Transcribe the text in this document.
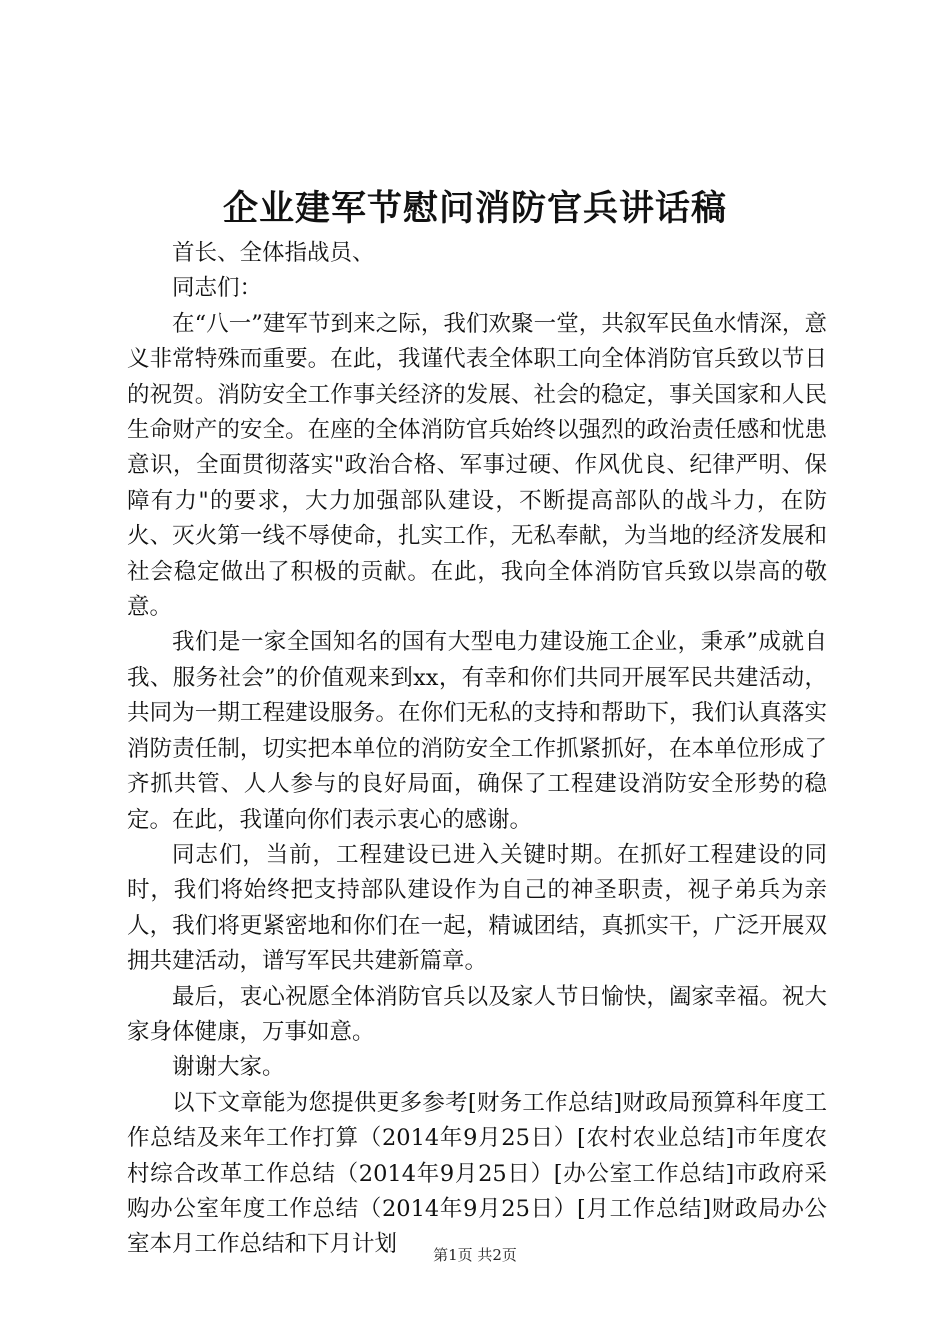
企业建军节慰问消防官兵讲话稿

首长、全体指战员、

同志们：

在“八一”建军节到来之际，我们欢聚一堂，共叙军民鱼水情深，意义非常特殊而重要。在此，我谨代表全体职工向全体消防官兵致以节日的祝贺。消防安全工作事关经济的发展、社会的稳定，事关国家和人民生命财产的安全。在座的全体消防官兵始终以强烈的政治责任感和忧患意识，全面贯彻落实"政治合格、军事过硬、作风优良、纪律严明、保障有力"的要求，大力加强部队建设，不断提高部队的战斗力，在防火、灭火第一线不辱使命，扎实工作，无私奉献，为当地的经济发展和社会稳定做出了积极的贡献。在此，我向全体消防官兵致以崇高的敬意。

我们是一家全国知名的国有大型电力建设施工企业，秉承”成就自我、服务社会”的价值观来到xx，有幸和你们共同开展军民共建活动，共同为一期工程建设服务。在你们无私的支持和帮助下，我们认真落实消防责任制，切实把本单位的消防安全工作抓紧抓好，在本单位形成了齐抓共管、人人参与的良好局面，确保了工程建设消防安全形势的稳定。在此，我谨向你们表示衷心的感谢。

同志们，当前，工程建设已进入关键时期。在抓好工程建设的同时，我们将始终把支持部队建设作为自己的神圣职责，视子弟兵为亲人，我们将更紧密地和你们在一起，精诚团结，真抓实干，广泛开展双拥共建活动，谱写军民共建新篇章。

最后，衷心祝愿全体消防官兵以及家人节日愉快，阖家幸福。祝大家身体健康，万事如意。

谢谢大家。

以下文章能为您提供更多参考[财务工作总结]财政局预算科年度工作总结及来年工作打算（2014年9月25日）[农村农业总结]市年度农村综合改革工作总结（2014年9月25日）[办公室工作总结]市政府采购办公室年度工作总结（2014年9月25日）[月工作总结]财政局办公室本月工作总结和下月计划	第1页 共2页
